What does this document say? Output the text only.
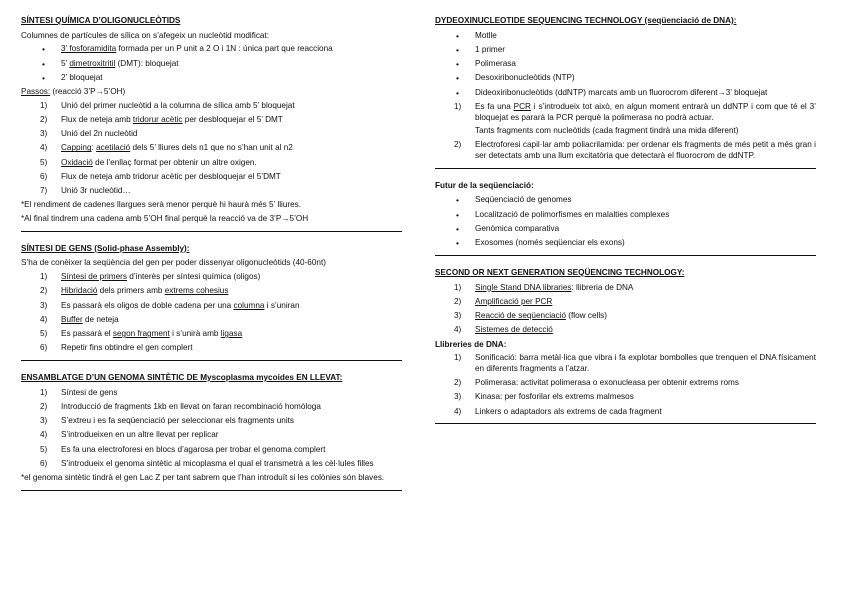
SÍNTESI QUÍMICA D’OLIGONUCLEÒTIDS
Columnes de partícules de sílica on s’afegeix un nucleòtid modificat:
• 3’ fosforamidita formada per un P unit a 2 O i 1N : única part que reacciona
• 5’ dimetroxitritil (DMT): bloquejat
• 2’ bloquejat
Passos: (reacció 3’P→5’OH)
1) Unió del primer nucleòtid a la columna de sílica amb 5’ bloquejat
2) Flux de neteja amb tridorur acètic per desbloquejar el 5’ DMT
3) Unió del 2n nucleòtid
4) Capping: acetilació dels 5’ lliures dels n1 que no s’han unit al n2
5) Oxidació de l’enllaç format per obtenir un altre oxigen.
6) Flux de neteja amb tridorur acètic per desbloquejar el 5’DMT
7) Unió 3r nucleòtid…
*El rendiment de cadenes llargues serà menor perquè hi haurà més 5’ lliures.
*Al final tindrem una cadena amb 5’OH final perquè la reacció va de 3’P→5’OH
SÍNTESI DE GENS (Solid-phase Assembly):
S’ha de conèixer la seqüència del gen per poder dissenyar oligonucleòtids (40-60nt)
1) Síntesi de primers d’interès per síntesi química (oligos)
2) Hibridació dels primers amb extrems cohesius
3) Es passarà els oligos de doble cadena per una columna i s’uniran
4) Buffer de neteja
5) Es passarà el segon fragment i s’unirà amb ligasa
6) Repetir fins obtindre el gen complert
ENSAMBLATGE D’UN GENOMA SINTÈTIC DE Myscoplasma mycoides EN LLEVAT:
1) Síntesi de gens
2) Introducció de fragments 1kb en llevat on faran recombinació homòloga
3) S’extreu i es fa seqüenciació per seleccionar els fragments units
4) S’introdueixen en un altre llevat per replicar
5) Es fa una electroforesi en blocs d’agarosa per trobar el genoma complert
6) S’introdueix el genoma sintètic al micoplasma el qual el transmetrà a les cèl·lules filles
*el genoma sintètic tindrà el gen Lac Z per tant sabrem que l’han introduït si les colònies són blaves.
DYDEOXINUCLEOTIDE SEQUENCING TECHNOLOGY (seqüenciació de DNA):
• Motlle
• 1 primer
• Polimerasa
• Desoxiribonucleòtids (NTP)
• Dideoxiribonucleòtids (ddNTP) marcats amb un fluorocrom diferent→3’ bloquejat
1) Es fa una PCR i s’introdueix tot això, en algun moment entrarà un ddNTP i com que té el 3’ bloquejat es pararà la PCR perquè la polimerasa no podrà actuar.
Tants fragments com nucleòtids (cada fragment tindrà una mida diferent)
2) Electroforesi capil·lar amb poliacrilamida: per ordenar els fragments de més petit a més gran i ser detectats amb una llum excitatòria que detectarà el fluorocrom de ddNTP.
Futur de la seqüenciació:
• Seqüenciació de genomes
• Localització de polimorfismes en malalties complexes
• Genòmica comparativa
• Exosomes (només seqüenciar els exons)
SECOND OR NEXT GENERATION SEQÜENCING TECHNOLOGY:
1) Single Stand DNA libraries: llibreria de DNA
2) Amplificació per PCR
3) Reacció de seqüenciació (flow cells)
4) Sistemes de detecció
Llibreries de DNA:
1) Sonificació: barra metàl·lica que vibra i fa explotar bombolles que trenquen el DNA físicament en diferents fragments a l’atzar.
2) Polimerasa: activitat polimerasa o exonucleasa per obtenir extrems roms
3) Kinasa: per fosforilar els extrems malmesos
4) Linkers o adaptadors als extrems de cada fragment
